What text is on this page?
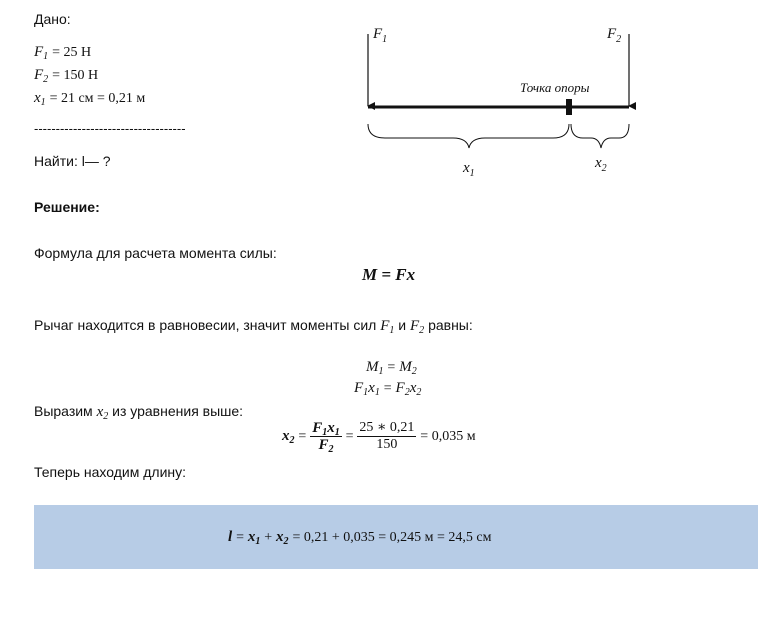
Дано:
$F_1 = 25$ Н
$F_2 = 150$ Н
$x_1 = 21$ см = 0,21 м
-----------------------------------
Найти: l— ?
$F_1$	$F_2$
Точка опоры
$x_1$
$x_2$
Решение:
Формула для расчета момента силы:
M = Fx
Рычаг находится в равновесии, значит моменты сил $F_1$ и $F_2$ равны:
$M_1 = M_2$
$F_1x_1 = F_2x_2$
Выразим $x_2$ из уравнения выше:
$x_2 = \frac{F_1x_1}{F_2} = \frac{25 ∗ 0,21}{150} = 0,035$ м
Теперь находим длину:
$l = x_1 + x_2 = 0,21 + 0,035 = 0,245$ м = 24,5 см
